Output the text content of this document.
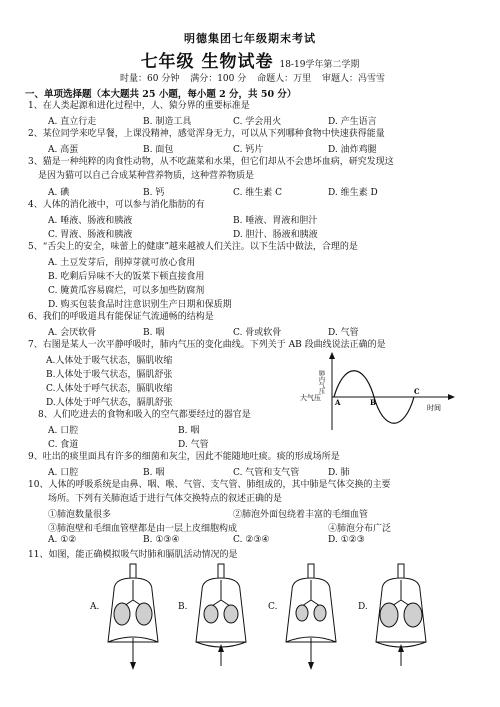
明德集团七年级期末考试
七年级 生物试卷 18-19学年第二学期
时量：60 分钟 满分：100 分 命题人：万里 审题人：冯雪雪
一、单项选择题（本大题共 25 小题，每小题 2 分，共 50 分）
1、在人类起源和进化过程中，人、猿分界的重要标准是
A. 直立行走	B. 制造工具	C. 学会用火	D. 产生语言
2、某位同学来吃早餐，上课没精神，感觉浑身无力，可以从下列哪种食物中快速获得能量
A. 高蛋	B. 面包	C. 钙片	D. 油炸鸡腿
3、猫是一种纯粹的肉食性动物，从不吃蔬菜和水果，但它们却从不会患坏血病，研究发现这
是因为猫可以自己合成某种营养物质，这种营养物质是
A. 碘	B. 钙	C. 维生素 C	D. 维生素 D
4、人体的消化液中，可以参与消化脂肪的有
A. 唾液、肠液和胰液	B. 唾液、胃液和胆汁
C. 胃液、肠液和胰液	D. 胆汁、肠液和胰液
5、“舌尖上的安全，味蕾上的健康”越来越被人们关注。以下生活中做法，合理的是
A. 土豆发芽后，削掉芽就可放心食用
B. 吃剩后异味不大的饭菜下顿直接食用
C. 腌黄瓜容易腐烂，可以多加些防腐剂
D. 购买包装食品时注意识别生产日期和保质期
6、我们的呼吸道具有能保证气流通畅的结构是
A. 会厌软骨	B. 咽	C. 骨或软骨	D. 气管
7、右图是某人一次平静呼吸时，肺内气压的变化曲线。下列关于 AB 段曲线说法正确的是
A.人体处于吸气状态，膈肌收缩
B.人体处于吸气状态，膈肌舒张
C.人体处于呼气状态，膈肌收缩
D.人体处于呼气状态，膈肌舒张
肺内气压
大气压 A	B
C
时间
8、人们吃进去的食物和吸入的空气都要经过的器官是
A. 口腔	B. 咽
C. 食道	D. 气管
9、吐出的痰里面具有许多的细菌和灰尘，因此不能随地吐痰。痰的形成场所是
A. 口腔	B. 咽	C. 气管和支气管	D. 肺
10、人体的呼吸系统是由鼻、咽、喉、气管、支气管、肺组成的，其中肺是气体交换的主要
场所。下列有关肺泡适于进行气体交换特点的叙述正确的是
①肺泡数量很多	②肺泡外面包绕着丰富的毛细血管
③肺泡壁和毛细血管壁都是由一层上皮细胞构成	④肺泡分布广泛
A. ①②	B. ①③④	C. ②③④	D. ①②③
11、如图，能正确模拟吸气时肺和膈肌活动情况的是
A.	B.	C.	D.
